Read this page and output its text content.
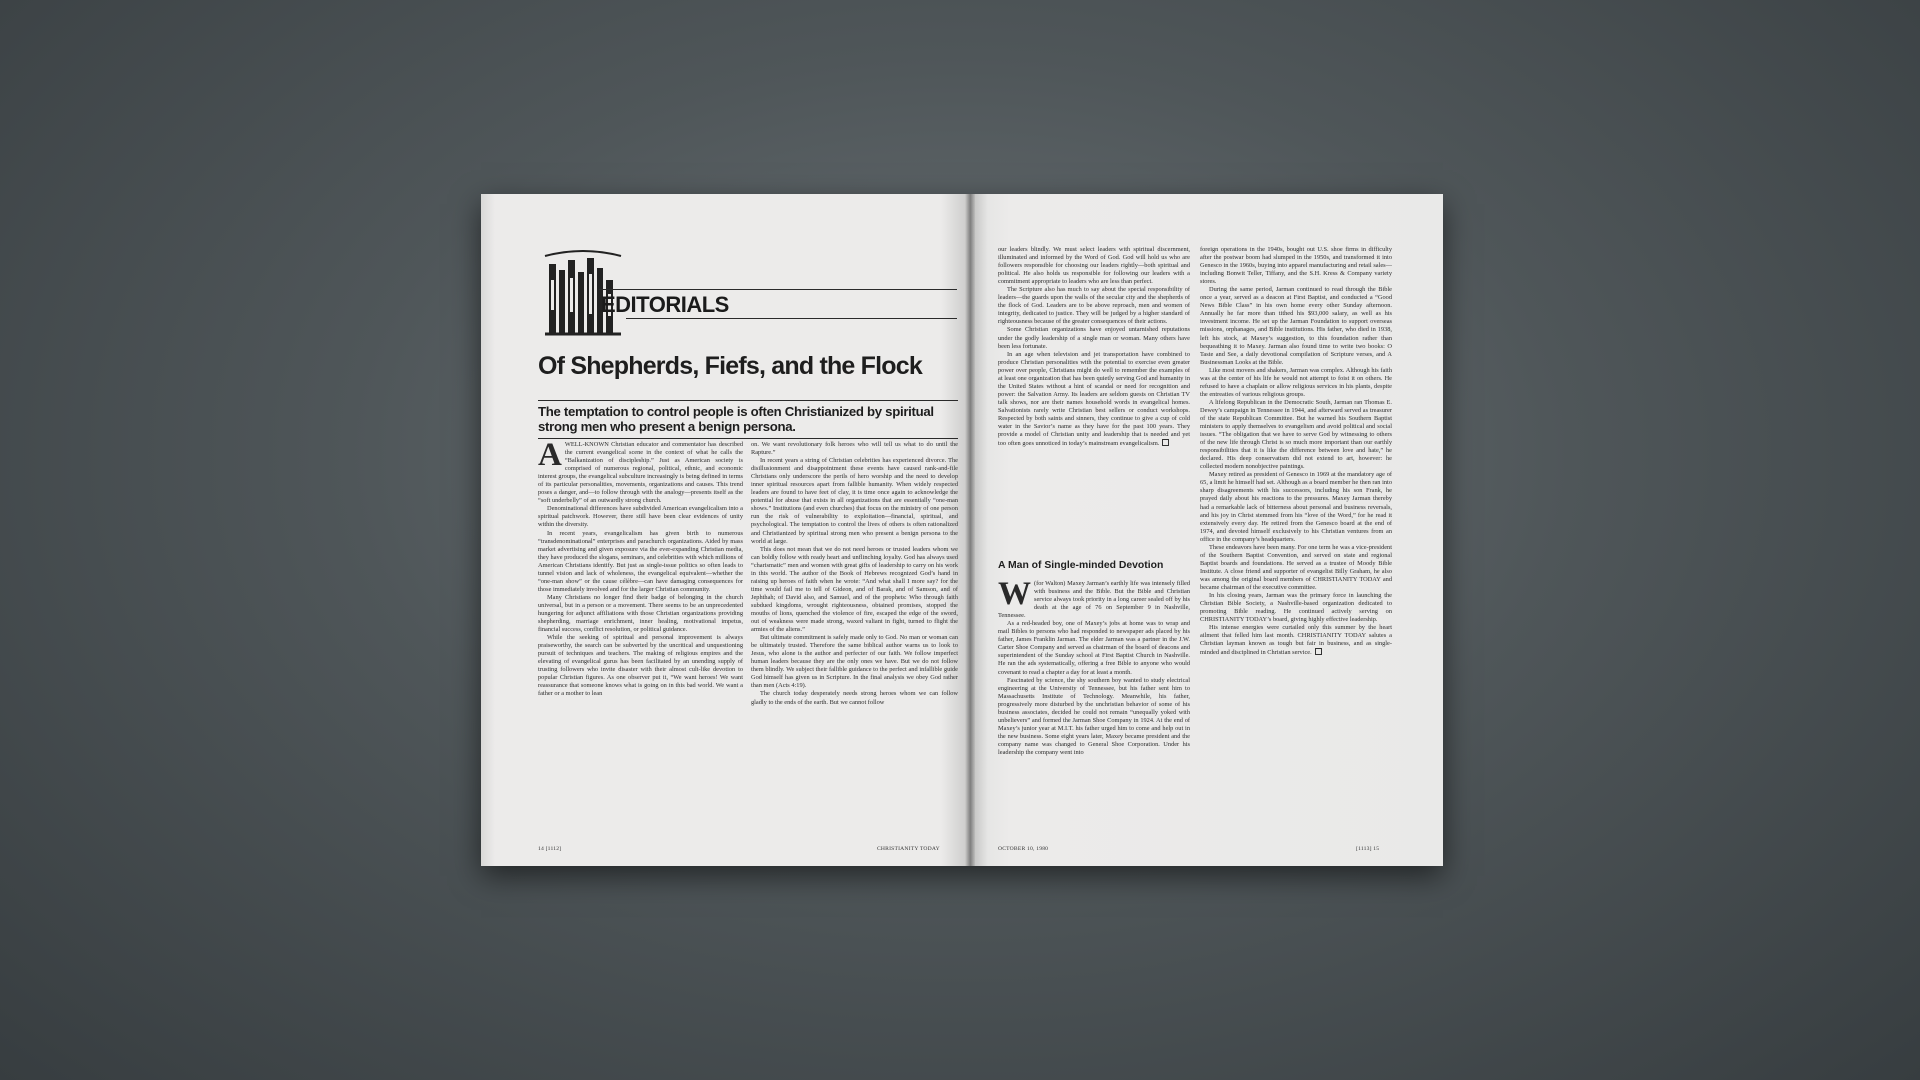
EDITORIALS
Of Shepherds, Fiefs, and the Flock
The temptation to control people is often Christianized by spiritual strong men who present a benign persona.

AWELL-KNOWN Christian educator and commentator has described the current evangelical scene in the context of what he calls the “Balkanization of discipleship.” Just as American society is comprised of numerous regional, political, ethnic, and economic interest groups, the evangelical subculture increasingly is being defined in terms of its particular personalities, movements, organizations and causes. This trend poses a danger, and—to follow through with the analogy—presents itself as the “soft underbelly” of an outwardly strong church.

Denominational differences have subdivided American evangelicalism into a spiritual patchwork. However, there still have been clear evidences of unity within the diversity.

In recent years, evangelicalism has given birth to numerous “transdenominational” enterprises and parachurch organizations. Aided by mass market advertising and given exposure via the ever-expanding Christian media, they have produced the slogans, seminars, and celebrities with which millions of American Christians identify. But just as single-issue politics so often leads to tunnel vision and lack of wholeness, the evangelical equivalent—whether the “one-man show” or the cause célèbre—can have damaging consequences for those immediately involved and for the larger Christian community.

Many Christians no longer find their badge of belonging in the church universal, but in a person or a movement. There seems to be an unprecedented hungering for adjunct affiliations with those Christian organizations providing shepherding, marriage enrichment, inner healing, motivational impetus, financial success, conflict resolution, or political guidance.

While the seeking of spiritual and personal improvement is always praiseworthy, the search can be subverted by the uncritical and unquestioning pursuit of techniques and teachers. The making of religious empires and the elevating of evangelical gurus has been facilitated by an unending supply of trusting followers who invite disaster with their almost cult-like devotion to popular Christian figures. As one observer put it, “We want heroes! We want reassurance that someone knows what is going on in this bad world. We want a father or a mother to lean

on. We want revolutionary folk heroes who will tell us what to do until the Rapture.”

In recent years a string of Christian celebrities has experienced divorce. The disillusionment and disappointment these events have caused rank-and-file Christians only underscore the perils of hero worship and the need to develop inner spiritual resources apart from fallible humanity. When widely respected leaders are found to have feet of clay, it is time once again to acknowledge the potential for abuse that exists in all organizations that are essentially “one-man shows.” Institutions (and even churches) that focus on the ministry of one person run the risk of vulnerability to exploitation—financial, spiritual, and psychological. The temptation to control the lives of others is often rationalized and Christianized by spiritual strong men who present a benign persona to the world at large.

This does not mean that we do not need heroes or trusted leaders whom we can boldly follow with ready heart and unflinching loyalty. God has always used “charismatic” men and women with great gifts of leadership to carry on his work in this world. The author of the Book of Hebrews recognized God’s hand in raising up heroes of faith when he wrote: “And what shall I more say? for the time would fail me to tell of Gideon, and of Barak, and of Samson, and of Jephthah; of David also, and Samuel, and of the prophets: Who through faith subdued kingdoms, wrought righteousness, obtained promises, stopped the mouths of lions, quenched the violence of fire, escaped the edge of the sword, out of weakness were made strong, waxed valiant in fight, turned to flight the armies of the aliens.”

But ultimate commitment is safely made only to God. No man or woman can be ultimately trusted. Therefore the same biblical author warns us to look to Jesus, who alone is the author and perfecter of our faith. We follow imperfect human leaders because they are the only ones we have. But we do not follow them blindly. We subject their fallible guidance to the perfect and infallible guide God himself has given us in Scripture. In the final analysis we obey God rather than men (Acts 4:19).

The church today desperately needs strong heroes whom we can follow gladly to the ends of the earth. But we cannot follow

14 [1112]	CHRISTIANITY TODAY

our leaders blindly. We must select leaders with spiritual discernment, illuminated and informed by the Word of God. God will hold us who are followers responsible for choosing our leaders rightly—both spiritual and political. He also holds us responsible for following our leaders with a commitment appropriate to leaders who are less than perfect.

The Scripture also has much to say about the special responsibility of leaders—the guards upon the walls of the secular city and the shepherds of the flock of God. Leaders are to be above reproach, men and women of integrity, dedicated to justice. They will be judged by a higher standard of righteousness because of the greater consequences of their actions.

Some Christian organizations have enjoyed untarnished reputations under the godly leadership of a single man or woman. Many others have been less fortunate.

In an age when television and jet transportation have combined to produce Christian personalities with the potential to exercise even greater power over people, Christians might do well to remember the examples of at least one organization that has been quietly serving God and humanity in the United States without a hint of scandal or need for recognition and power: the Salvation Army. Its leaders are seldom guests on Christian TV talk shows, nor are their names household words in evangelical homes. Salvationists rarely write Christian best sellers or conduct workshops. Respected by both saints and sinners, they continue to give a cup of cold water in the Savior’s name as they have for the past 100 years. They provide a model of Christian unity and leadership that is needed and yet too often goes unnoticed in today’s mainstream evangelicalism.

A Man of Single-minded Devotion

W (for Walton) Maxey Jarman’s earthly life was intensely filled with business and the Bible. But the Bible and Christian service always took priority in a long career sealed off by his death at the age of 76 on September 9 in Nashville, Tennessee.

As a red-headed boy, one of Maxey’s jobs at home was to wrap and mail Bibles to persons who had responded to newspaper ads placed by his father, James Franklin Jarman. The elder Jarman was a partner in the J.W. Carter Shoe Company and served as chairman of the board of deacons and superintendent of the Sunday school at First Baptist Church in Nashville. He ran the ads systematically, offering a free Bible to anyone who would covenant to read a chapter a day for at least a month.

Fascinated by science, the shy southern boy wanted to study electrical engineering at the University of Tennessee, but his father sent him to Massachusetts Institute of Technology. Meanwhile, his father, progressively more disturbed by the unchristian behavior of some of his business associates, decided he could not remain “unequally yoked with unbelievers” and formed the Jarman Shoe Company in 1924. At the end of Maxey’s junior year at M.I.T. his father urged him to come and help out in the new business. Some eight years later, Maxey became president and the company name was changed to General Shoe Corporation. Under his leadership the company went into

foreign operations in the 1940s, bought out U.S. shoe firms in difficulty after the postwar boom had slumped in the 1950s, and transformed it into Genesco in the 1960s, buying into apparel manufacturing and retail sales—including Bonwit Teller, Tiffany, and the S.H. Kress & Company variety stores.

During the same period, Jarman continued to read through the Bible once a year, served as a deacon at First Baptist, and conducted a “Good News Bible Class” in his own home every other Sunday afternoon. Annually he far more than tithed his $93,000 salary, as well as his investment income. He set up the Jarman Foundation to support overseas missions, orphanages, and Bible institutions. His father, who died in 1938, left his stock, at Maxey’s suggestion, to this foundation rather than bequeathing it to Maxey. Jarman also found time to write two books: O Taste and See, a daily devotional compilation of Scripture verses, and A Businessman Looks at the Bible.

Like most movers and shakers, Jarman was complex. Although his faith was at the center of his life he would not attempt to foist it on others. He refused to have a chaplain or allow religious services in his plants, despite the entreaties of various religious groups.

A lifelong Republican in the Democratic South, Jarman ran Thomas E. Dewey’s campaign in Tennessee in 1944, and afterward served as treasurer of the state Republican Committee. But he warned his Southern Baptist ministers to apply themselves to evangelism and avoid political and social issues. “The obligation that we have to serve God by witnessing to others of the new life through Christ is so much more important than our earthly responsibilities that it is like the difference between love and hate,” he declared. His deep conservatism did not extend to art, however: he collected modern nonobjective paintings.

Maxey retired as president of Genesco in 1969 at the mandatory age of 65, a limit he himself had set. Although as a board member he then ran into sharp disagreements with his successors, including his son Frank, he prayed daily about his reactions to the pressures. Maxey Jarman thereby had a remarkable lack of bitterness about personal and business reversals, and his joy in Christ stemmed from his “love of the Word,” for he read it extensively every day. He retired from the Genesco board at the end of 1974, and devoted himself exclusively to his Christian ventures from an office in the company’s headquarters.

These endeavors have been many. For one term he was a vice-president of the Southern Baptist Convention, and served on state and regional Baptist boards and foundations. He served as a trustee of Moody Bible Institute. A close friend and supporter of evangelist Billy Graham, he also was among the original board members of CHRISTIANITY TODAY and became chairman of the executive committee.

In his closing years, Jarman was the primary force in launching the Christian Bible Society, a Nashville-based organization dedicated to promoting Bible reading. He continued actively serving on CHRISTIANITY TODAY’s board, giving highly effective leadership.

His intense energies were curtailed only this summer by the heart ailment that felled him last month. CHRISTIANITY TODAY salutes a Christian layman known as tough but fair in business, and as single-minded and disciplined in Christian service.

OCTOBER 10, 1980	[1113] 15
